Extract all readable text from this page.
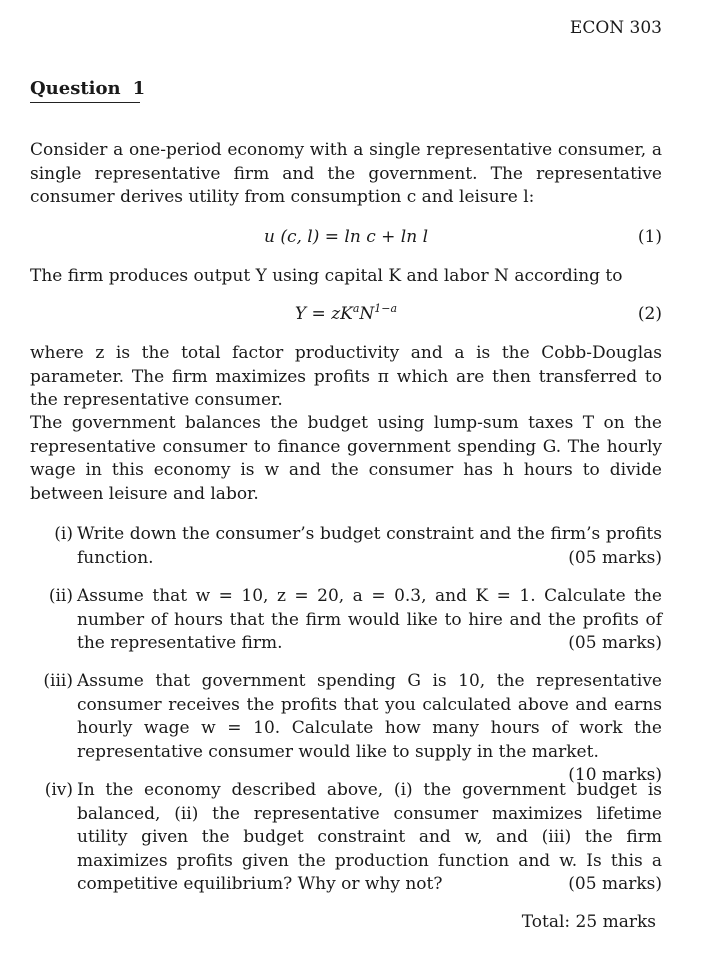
ECON 303
Question 1
Consider a one-period economy with a single representative consumer, a single representative firm and the government. The representative consumer derives utility from consumption c and leisure l:
u (c, l) = ln c + ln l	(1)
The firm produces output Y using capital K and labor N according to
$Y = zK^aN^{1-a}$	(2)
where z is the total factor productivity and a is the Cobb-Douglas parameter. The firm maximizes profits π which are then transferred to the representative consumer.
The government balances the budget using lump-sum taxes T on the representative consumer to finance government spending G. The hourly wage in this economy is w and the consumer has h hours to divide between leisure and labor.
(i) Write down the consumer’s budget constraint and the firm’s profits function.	(05 marks)
(ii) Assume that w = 10, z = 20, a = 0.3, and K = 1. Calculate the number of hours that the firm would like to hire and the profits of the representative firm.	(05 marks)
(iii) Assume that government spending G is 10, the representative consumer receives the profits that you calculated above and earns hourly wage w = 10. Calculate how many hours of work the representative consumer would like to supply in the market.
(10 marks)
(iv) In the economy described above, (i) the government budget is balanced, (ii) the representative consumer maximizes lifetime utility given the budget constraint and w, and (iii) the firm maximizes profits given the production function and w. Is this a competitive equilibrium? Why or why not?	(05 marks)
Total: 25 marks
